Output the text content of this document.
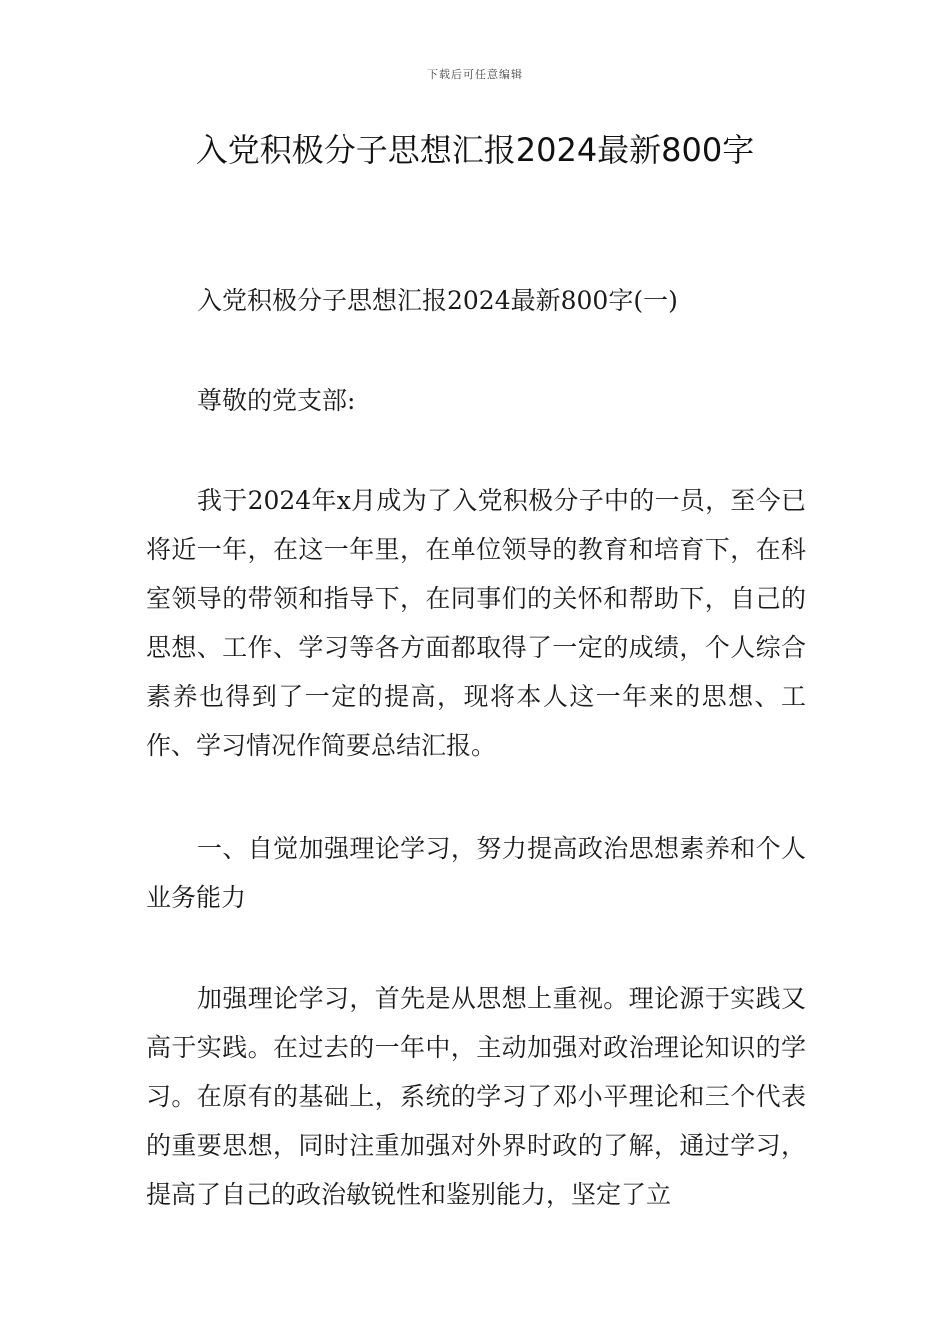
下载后可任意编辑
入党积极分子思想汇报2024最新800字

入党积极分子思想汇报2024最新800字(一)

尊敬的党支部:

我于2024年x月成为了入党积极分子中的一员，至今已将近一年，在这一年里，在单位领导的教育和培育下，在科室领导的带领和指导下，在同事们的关怀和帮助下，自己的思想、工作、学习等各方面都取得了一定的成绩，个人综合素养也得到了一定的提高，现将本人这一年来的思想、工作、学习情况作简要总结汇报。

一、自觉加强理论学习，努力提高政治思想素养和个人业务能力

加强理论学习，首先是从思想上重视。理论源于实践又高于实践。在过去的一年中，主动加强对政治理论知识的学习。在原有的基础上，系统的学习了邓小平理论和三个代表的重要思想，同时注重加强对外界时政的了解，通过学习，提高了自己的政治敏锐性和鉴别能力，坚定了立
